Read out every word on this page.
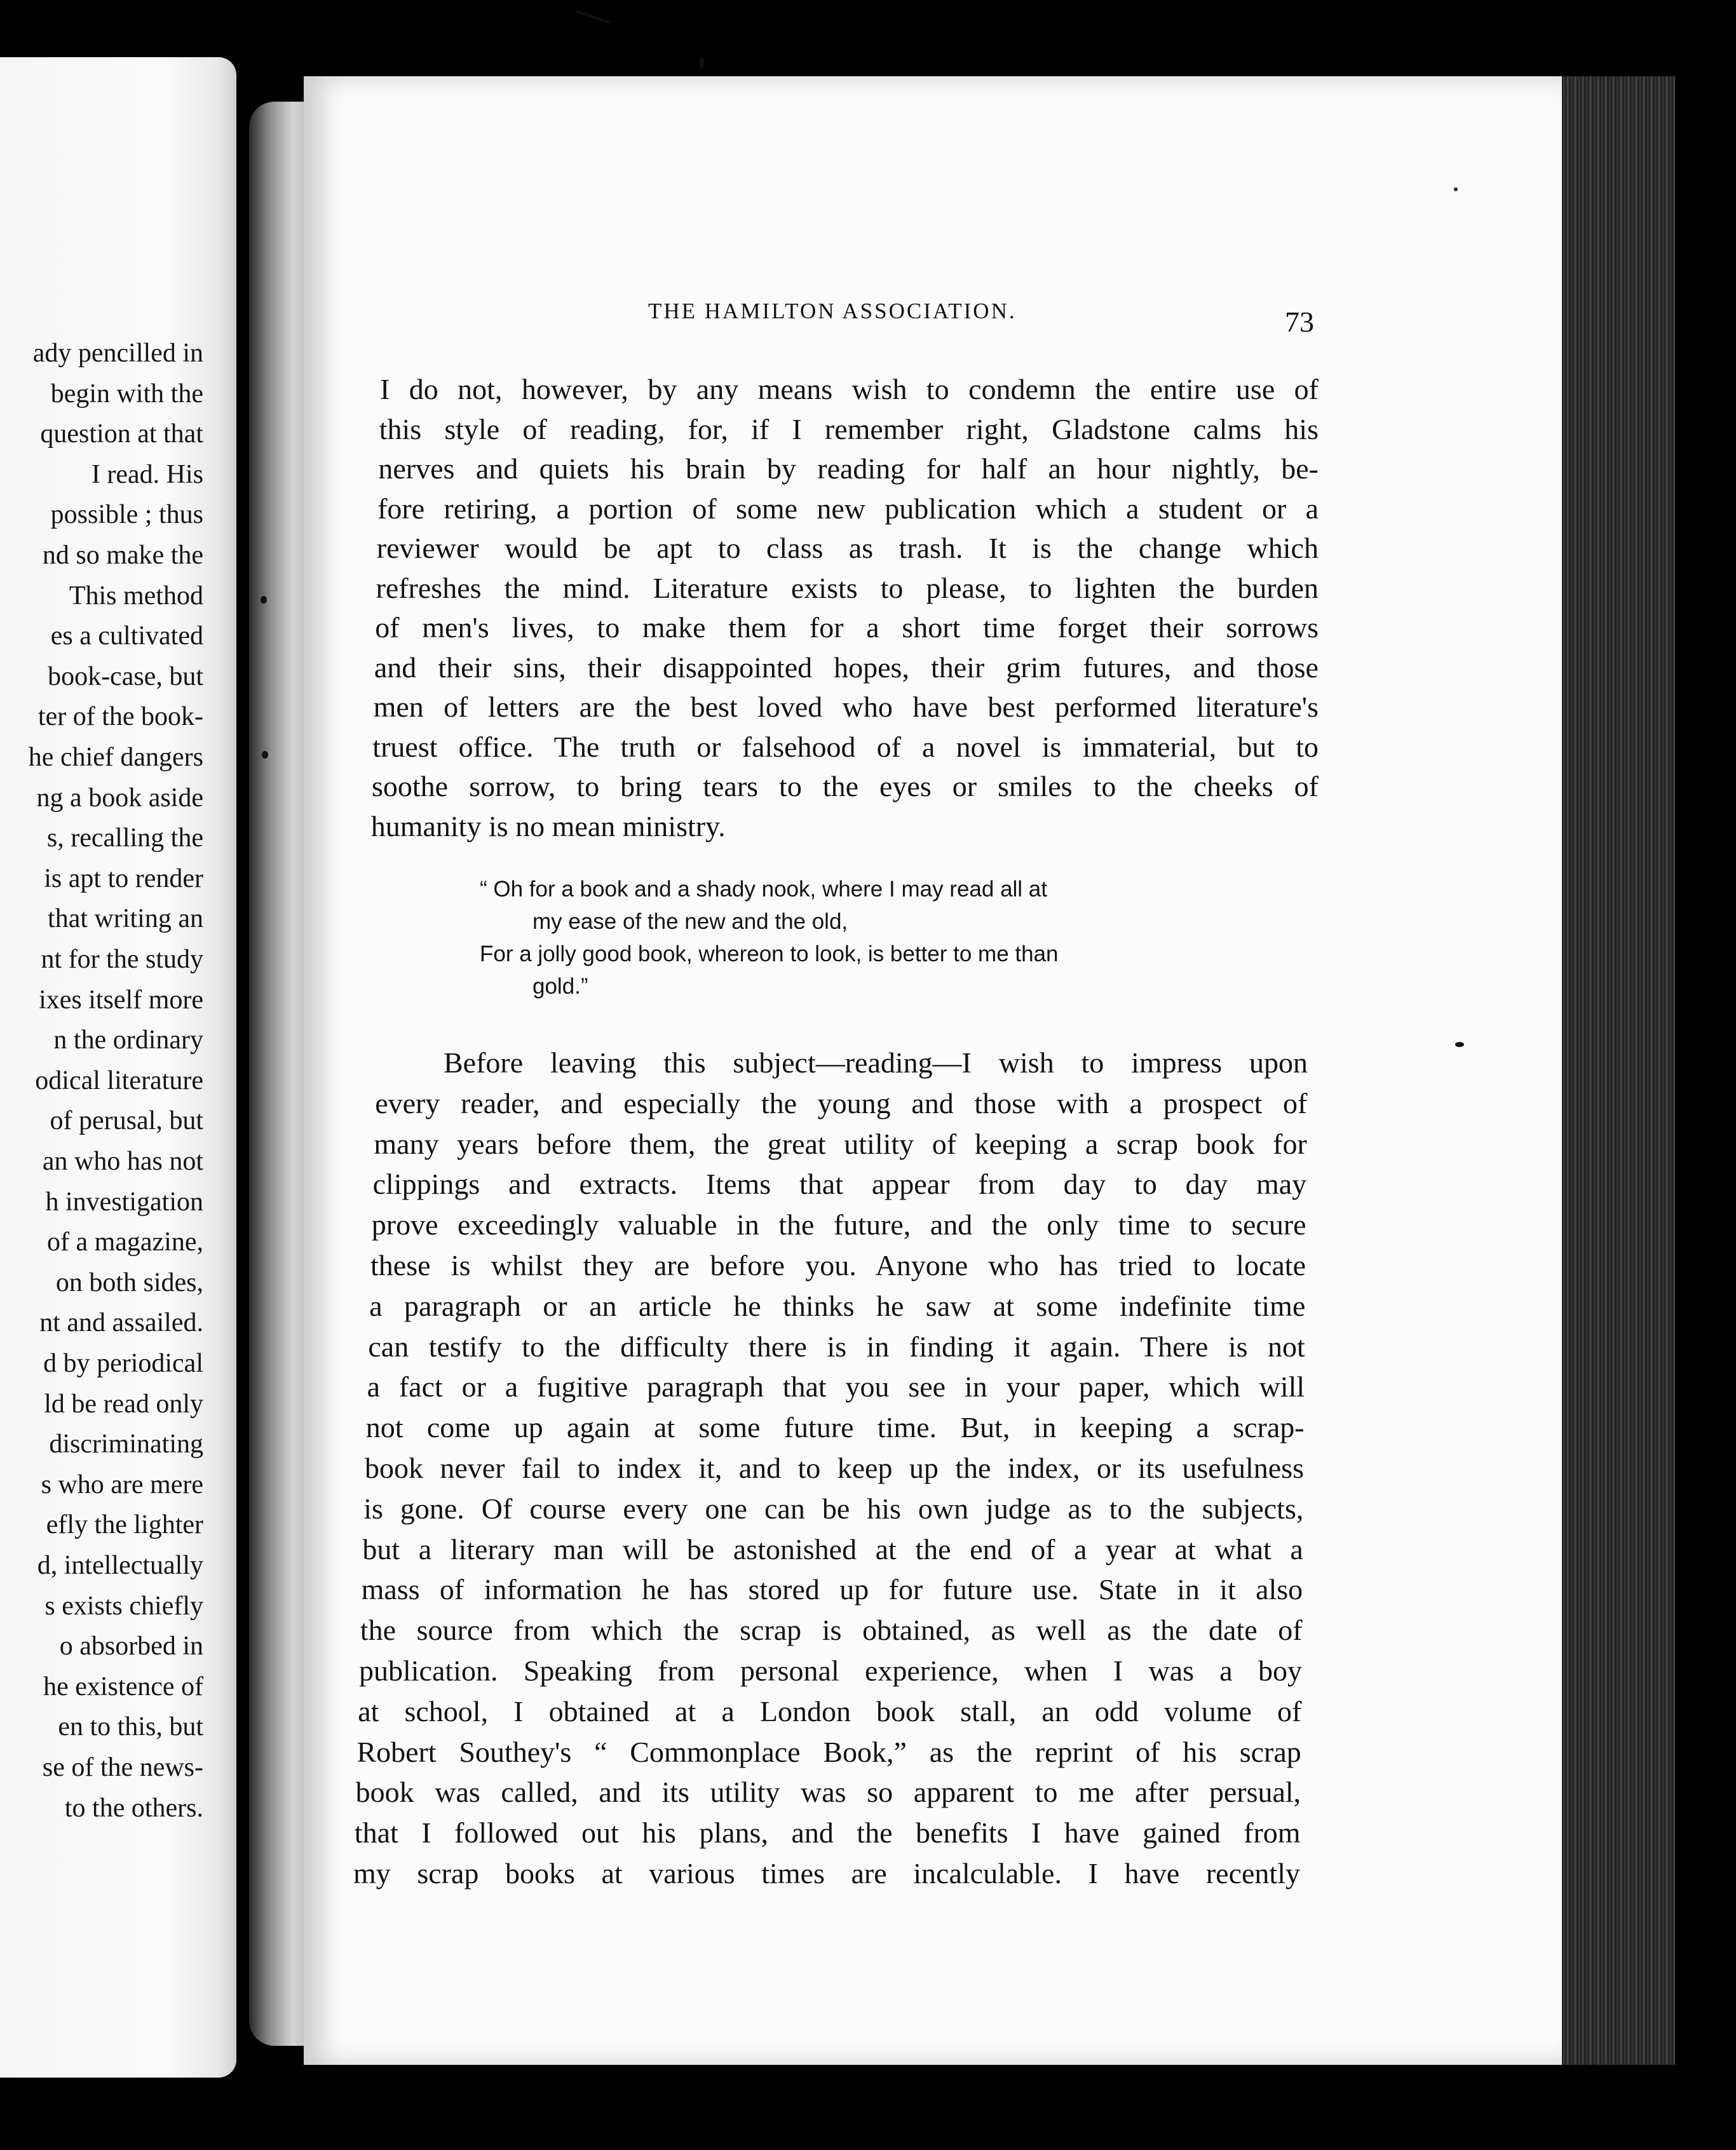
ady pencilled in
begin with the
question at that
I read. His
possible ; thus
nd so make the
This method
es a cultivated
book-case, but
ter of the book-
he chief dangers
ng a book aside
s, recalling the
is apt to render
that writing an
nt for the study
ixes itself more
n the ordinary
odical literature
of perusal, but
an who has not
h investigation
of a magazine,
on both sides,
nt and assailed.
d by periodical
ld be read only
discriminating
s who are mere
efly the lighter
d, intellectually
s exists chiefly
o absorbed in
he existence of
en to this, but
se of the news-
to the others.
THE HAMILTON ASSOCIATION.	73
I do not, however, by any means wish to condemn the entire use of
this style of reading, for, if I remember right, Gladstone calms his
nerves and quiets his brain by reading for half an hour nightly, be-
fore retiring, a portion of some new publication which a student or a
reviewer would be apt to class as trash. It is the change which
refreshes the mind. Literature exists to please, to lighten the burden
of men's lives, to make them for a short time forget their sorrows
and their sins, their disappointed hopes, their grim futures, and those
men of letters are the best loved who have best performed literature's
truest office. The truth or falsehood of a novel is immaterial, but to
soothe sorrow, to bring tears to the eyes or smiles to the cheeks of
humanity is no mean ministry.
“ Oh for a book and a shady nook, where I may read all at
my ease of the new and the old,
For a jolly good book, whereon to look, is better to me than
gold.”
Before leaving this subject—reading—I wish to impress upon
every reader, and especially the young and those with a prospect of
many years before them, the great utility of keeping a scrap book for
clippings and extracts. Items that appear from day to day may
prove exceedingly valuable in the future, and the only time to secure
these is whilst they are before you. Anyone who has tried to locate
a paragraph or an article he thinks he saw at some indefinite time
can testify to the difficulty there is in finding it again. There is not
a fact or a fugitive paragraph that you see in your paper, which will
not come up again at some future time. But, in keeping a scrap-
book never fail to index it, and to keep up the index, or its usefulness
is gone. Of course every one can be his own judge as to the subjects,
but a literary man will be astonished at the end of a year at what a
mass of information he has stored up for future use. State in it also
the source from which the scrap is obtained, as well as the date of
publication. Speaking from personal experience, when I was a boy
at school, I obtained at a London book stall, an odd volume of
Robert Southey's “ Commonplace Book,” as the reprint of his scrap
book was called, and its utility was so apparent to me after persual,
that I followed out his plans, and the benefits I have gained from
my scrap books at various times are incalculable. I have recently
